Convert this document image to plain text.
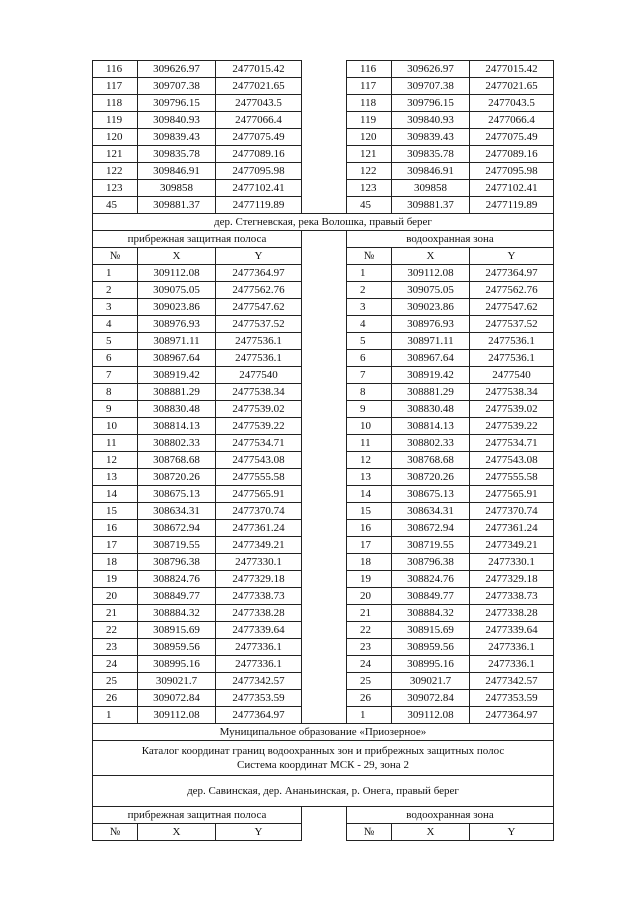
116	309626.97	2477015.42		116	309626.97	2477015.42
117	309707.38	2477021.65		117	309707.38	2477021.65
118	309796.15	2477043.5		118	309796.15	2477043.5
119	309840.93	2477066.4		119	309840.93	2477066.4
120	309839.43	2477075.49		120	309839.43	2477075.49
121	309835.78	2477089.16		121	309835.78	2477089.16
122	309846.91	2477095.98		122	309846.91	2477095.98
123	309858	2477102.41		123	309858	2477102.41
45	309881.37	2477119.89		45	309881.37	2477119.89
дер. Стегневская, река Волошка, правый берег						
прибрежная защитная полоса				водоохранная зона		
№	X	Y		№	X	Y
1	309112.08	2477364.97		1	309112.08	2477364.97
2	309075.05	2477562.76		2	309075.05	2477562.76
3	309023.86	2477547.62		3	309023.86	2477547.62
4	308976.93	2477537.52		4	308976.93	2477537.52
5	308971.11	2477536.1		5	308971.11	2477536.1
6	308967.64	2477536.1		6	308967.64	2477536.1
7	308919.42	2477540		7	308919.42	2477540
8	308881.29	2477538.34		8	308881.29	2477538.34
9	308830.48	2477539.02		9	308830.48	2477539.02
10	308814.13	2477539.22		10	308814.13	2477539.22
11	308802.33	2477534.71		11	308802.33	2477534.71
12	308768.68	2477543.08		12	308768.68	2477543.08
13	308720.26	2477555.58		13	308720.26	2477555.58
14	308675.13	2477565.91		14	308675.13	2477565.91
15	308634.31	2477370.74		15	308634.31	2477370.74
16	308672.94	2477361.24		16	308672.94	2477361.24
17	308719.55	2477349.21		17	308719.55	2477349.21
18	308796.38	2477330.1		18	308796.38	2477330.1
19	308824.76	2477329.18		19	308824.76	2477329.18
20	308849.77	2477338.73		20	308849.77	2477338.73
21	308884.32	2477338.28		21	308884.32	2477338.28
22	308915.69	2477339.64		22	308915.69	2477339.64
23	308959.56	2477336.1		23	308959.56	2477336.1
24	308995.16	2477336.1		24	308995.16	2477336.1
25	309021.7	2477342.57		25	309021.7	2477342.57
26	309072.84	2477353.59		26	309072.84	2477353.59
1	309112.08	2477364.97		1	309112.08	2477364.97
Муниципальное образование «Приозерное»						
Каталог координат границ водоохранных зон и прибрежных защитных полос
Система координат МСК - 29, зона 2						
дер. Савинская, дер. Ананьинская, р. Онега, правый берег						
прибрежная защитная полоса				водоохранная зона		
№	X	Y		№	X	Y
